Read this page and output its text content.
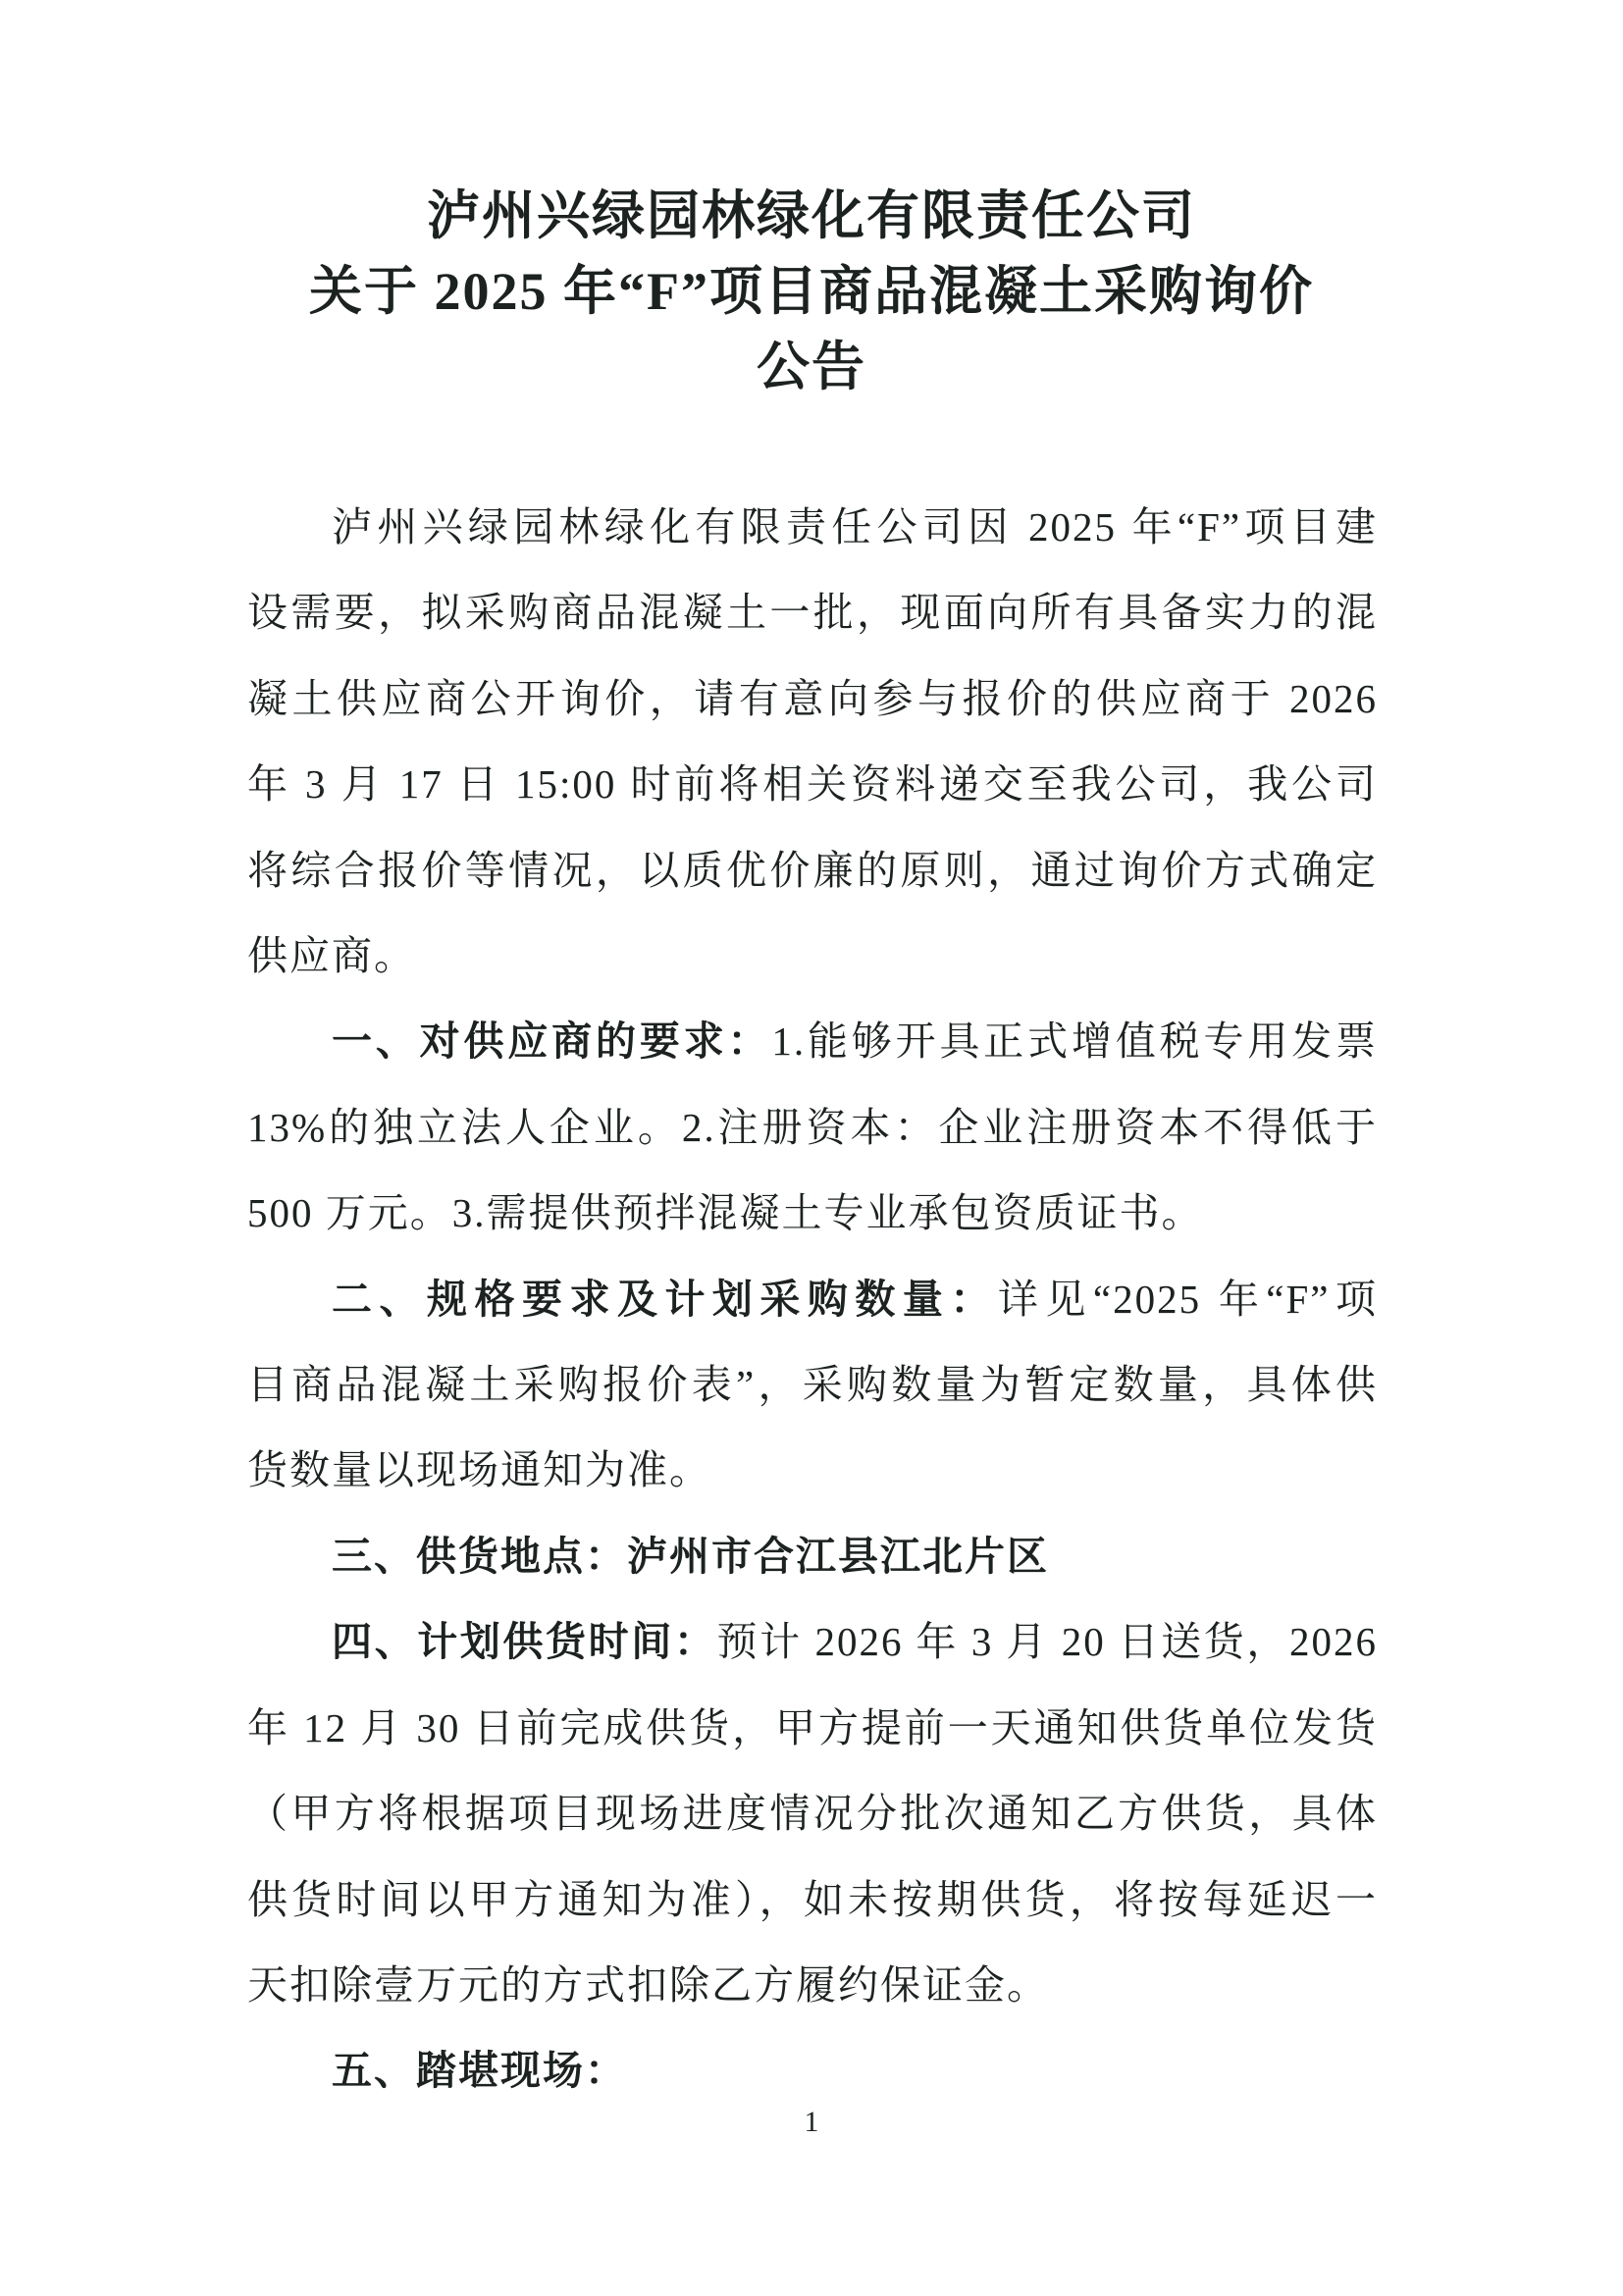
泸州兴绿园林绿化有限责任公司
关于 2025 年“F”项目商品混凝土采购询价
公告
泸州兴绿园林绿化有限责任公司因 2025 年“F”项目建
设需要，拟采购商品混凝土一批，现面向所有具备实力的混
凝土供应商公开询价，请有意向参与报价的供应商于 2026
年 3 月 17 日 15:00 时前将相关资料递交至我公司，我公司
将综合报价等情况，以质优价廉的原则，通过询价方式确定
供应商。
一、对供应商的要求：1.能够开具正式增值税专用发票
13%的独立法人企业。2.注册资本：企业注册资本不得低于
500 万元。3.需提供预拌混凝土专业承包资质证书。
二、规格要求及计划采购数量：详见“2025 年“F”项
目商品混凝土采购报价表”，采购数量为暂定数量，具体供
货数量以现场通知为准。
三、供货地点：泸州市合江县江北片区
四、计划供货时间：预计 2026 年 3 月 20 日送货，2026
年 12 月 30 日前完成供货，甲方提前一天通知供货单位发货
（甲方将根据项目现场进度情况分批次通知乙方供货，具体
供货时间以甲方通知为准），如未按期供货，将按每延迟一
天扣除壹万元的方式扣除乙方履约保证金。
五、踏堪现场：
1
